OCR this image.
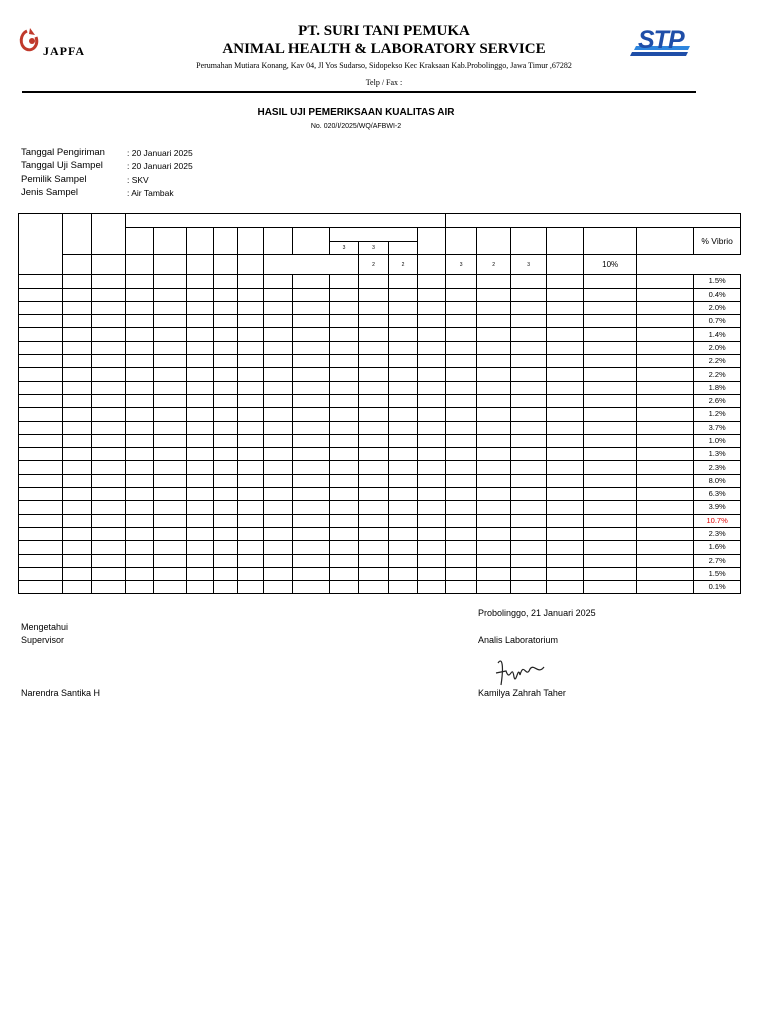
JAPFA	STP
PT. SURI TANI PEMUKA
ANIMAL HEALTH & LABORATORY SERVICE
Perumahan Mutiara Konang, Kav 04, Jl Yos Sudarso, Sidopekso Kec Kraksaan Kab.Probolinggo, Jawa Timur ,67282
Telp / Fax :
HASIL UJI PEMERIKSAAN KUALITAS AIR
No. 020/I/2025/WQ/AFBWI-2
Tanggal Pengiriman	: 20 Januari 2025
Tanggal Uji Sampel	: 20 Januari 2025
Pemilik Sampel	: SKV
Jenis Sampel	: Air Tambak

																				% Vibrio
										3	3									
											2	2		3	2	3		10%		
																				1.5%
																				0.4%
																				2.0%
																				0.7%
																				1.4%
																				2.0%
																				2.2%
																				2.2%
																				1.8%
																				2.6%
																				1.2%
																				3.7%
																				1.0%
																				1.3%
																				2.3%
																				8.0%
																				6.3%
																				3.9%
																				10.7%
																				2.3%
																				1.6%
																				2.7%
																				1.5%
																				0.1%
Probolinggo, 21 Januari 2025
Mengetahui
Supervisor	Analis Laboratorium
Narendra Santika H	Kamilya Zahrah Taher
